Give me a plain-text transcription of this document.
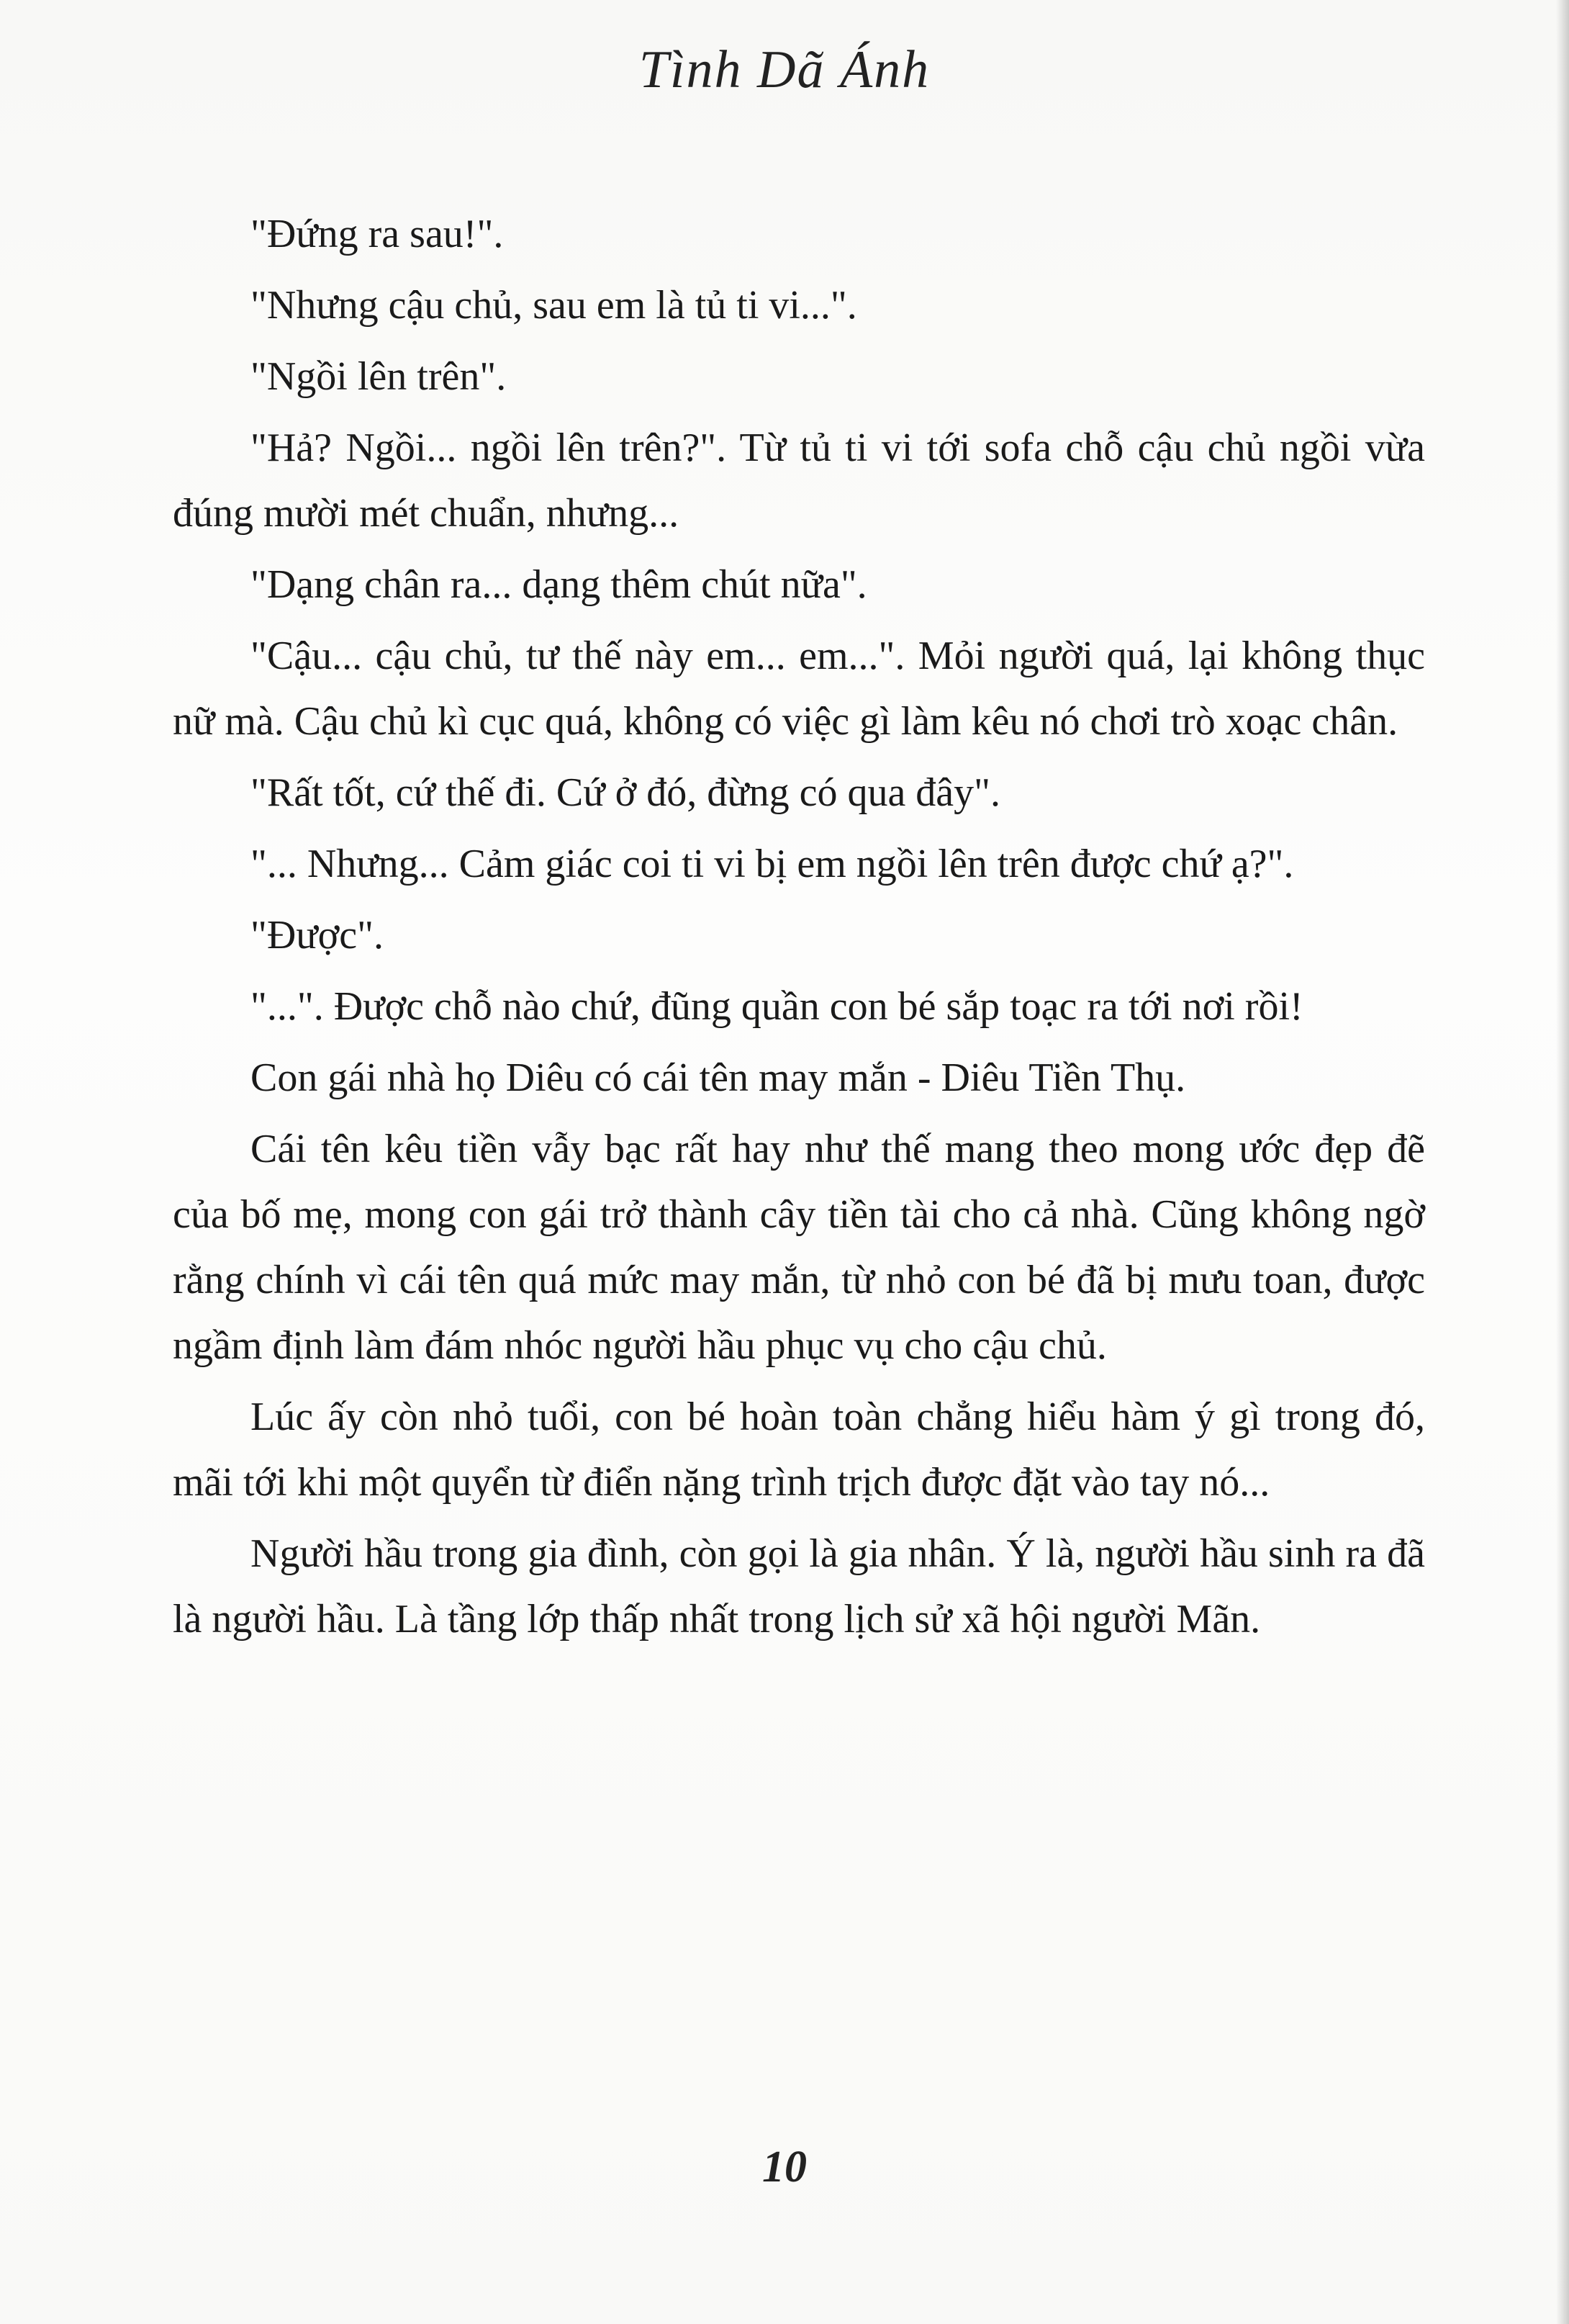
Tình Dã Ánh

"Đứng ra sau!".

"Nhưng cậu chủ, sau em là tủ ti vi...".

"Ngồi lên trên".

"Hả? Ngồi... ngồi lên trên?". Từ tủ ti vi tới sofa chỗ cậu chủ ngồi vừa đúng mười mét chuẩn, nhưng...

"Dạng chân ra... dạng thêm chút nữa".

"Cậu... cậu chủ, tư thế này em... em...". Mỏi người quá, lại không thục nữ mà. Cậu chủ kì cục quá, không có việc gì làm kêu nó chơi trò xoạc chân.

"Rất tốt, cứ thế đi. Cứ ở đó, đừng có qua đây".

"... Nhưng... Cảm giác coi ti vi bị em ngồi lên trên được chứ ạ?".

"Được".

"...". Được chỗ nào chứ, đũng quần con bé sắp toạc ra tới nơi rồi!

Con gái nhà họ Diêu có cái tên may mắn - Diêu Tiền Thụ.

Cái tên kêu tiền vẫy bạc rất hay như thế mang theo mong ước đẹp đẽ của bố mẹ, mong con gái trở thành cây tiền tài cho cả nhà. Cũng không ngờ rằng chính vì cái tên quá mức may mắn, từ nhỏ con bé đã bị mưu toan, được ngầm định làm đám nhóc người hầu phục vụ cho cậu chủ.

Lúc ấy còn nhỏ tuổi, con bé hoàn toàn chẳng hiểu hàm ý gì trong đó, mãi tới khi một quyển từ điển nặng trình trịch được đặt vào tay nó...

Người hầu trong gia đình, còn gọi là gia nhân. Ý là, người hầu sinh ra đã là người hầu. Là tầng lớp thấp nhất trong lịch sử xã hội người Mãn.

10
